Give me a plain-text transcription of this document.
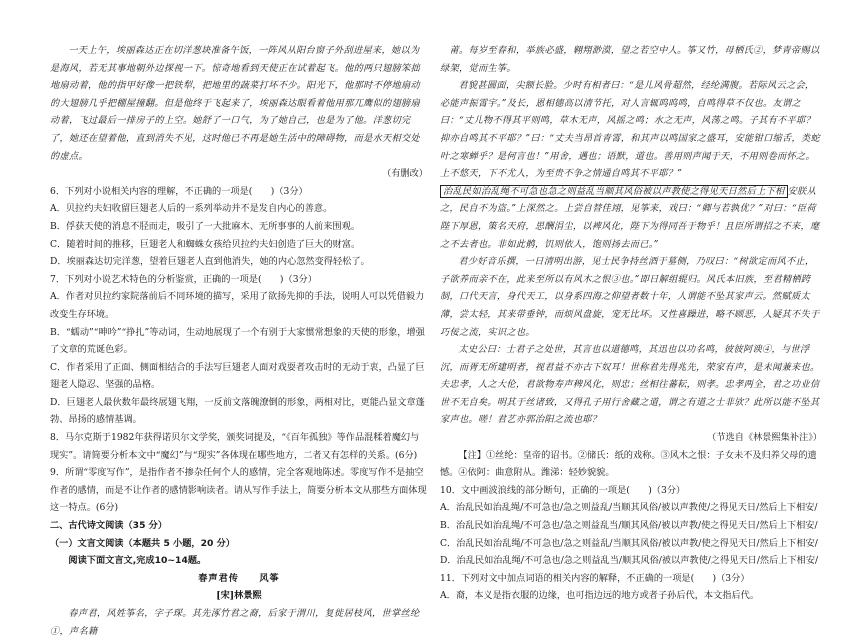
一天上午，埃丽森达正在切洋葱块准备午饭，一阵风从阳台窗子外刮进屋来，她以为是海风，若无其事地朝外边探视一下。惊奇地看到天使正在试着起飞。他的两只翅膀笨拙地扇动着，他的指甲好像一把铁犁，把地里的蔬菜打坏不少。阳光下，他那时不停地扇动的大翅膀几乎把棚屋撞翻。但是他终于飞起来了，埃丽森达眼看着他用那兀鹰似的翅膀扇动着，飞过最后一排房子的上空。她舒了一口气，为了她自己，也是为了他。洋葱切完了，她还在望着他，直到消失不见，这时他已不再是她生活中的障碍物，而是水天相交处的虚点。

（有删改）

6．下列对小说相关内容的理解，不正确的一项是(　　)（3分）

A．贝拉约夫妇收留巨翅老人后的一系列举动并不是发自内心的善意。

B．俘获天使的消息不胫而走，吸引了一大批麻木、无所事事的人前来围观。

C．随着时间的推移，巨翅老人和蜘蛛女孩给贝拉约夫妇创造了巨大的财富。

D．埃丽森达切完洋葱，望着巨翅老人直到他消失，她的内心忽然变得轻松了。

7．下列对小说艺术特色的分析鉴赏，正确的一项是(　　)（3分）

A．作者对贝拉约家院落前后不同环境的描写，采用了欲扬先抑的手法，说明人可以凭借毅力改变生存环境。

B．“蠕动”“呻吟”“挣扎”等动词，生动地展现了一个有别于大家惯常想象的天使的形象，增强了文章的荒诞色彩。

C．作者采用了正面、侧面相结合的手法写巨翅老人面对戏耍者攻击时的无动于衷，凸显了巨翅老人隐忍、坚强的品格。

D．巨翅老人最伙数年最终展翅飞翔，一反前文落魄潦倒的形象，两相对比，更能凸显文章蓬勃、昂扬的感情基调。

8．马尔克斯于1982年获得诺贝尔文学奖，颁奖词提及，“《百年孤独》等作品混糅着魔幻与现实”。请简要分析本文中“魔幻”与“现实”各体现在哪些地方，二者又有怎样的关系。(6分)

9．所谓“零度写作”，是指作者不掺杂任何个人的感情，完全客观地陈述。零度写作不是抽空作者的感情，而是不让作者的感情影响读者。请从写作手法上，简要分析本文从那些方面体现这一特点。(6分)

二、古代诗文阅读（35 分）

（一）文言文阅读（本题共 5 小题，20 分）

阅读下面文言文,完成10~14题。

春声君传　　风筝

[宋]林景熙

春声君，风姓筝名，字子琛。其先涿竹君之裔，后家于渭川，复徙居枝风，世掌丝纶①，声名籍

　莆。每岁至春和，举族必盛，翱翔渺漠，望之若空中人。筝又竹，母栖氏②，梦青帝赐以绿架，觉而生筝。

君貌甚圆面，尖额长脸。少时有相者曰：“是儿风骨超然，经纶满腹。若际风云之会，必能声振霄宇。”及长，恩相德高以清节托，对人言辄呜呜鸣，自鸣得草不仅也。友谓之曰：“丈儿物不得其平则鸣，草木无声，风摇之鸣；水之无声，风荡之鸣。子其有不平耶？抑亦自鸣其不平耶？”曰：“丈夫当昂首青霄，和其声以鸣国家之盛耳，安能钳口缩舌，类蛇叶之寒蝉乎？是何言也！”用舍，遇也；语默，道也。善用则声闻于天，不用则卷而怀之。上不悠天，下不尤人，为至贵不争之情通自鸣其不平耶？”

治乱民如治乱绳不可急也急之则益乱当顺其风俗被以声教使之得见天日然后上下相 安朕从之，民自不为盗。”上深然之。上尝自替佳翊，见筝来，戏曰：“卿与若孰优？”对曰：“臣荷陛下厚恩，策名天府，思酬涓尘，以裨风化，陛下为得同吾于物乎！且臣所谓招之不来，麾之不去者也。非如此鹘，饥则依人，饱则扬去而已。”

君少好音乐撰，一日清明出游，见士民争持丝酒于墓侧，乃叹曰：“树欲定而风不止，子欲养而亲不在，此来至所以有风木之恨③也。”即日解组辊归。风氏本旧族，至君精栖跨制，口代天言，身代天工，以身系四海之仰望者数十年，人谓能不坠其家声云。然赋质太薄，尝太轻，其来带垂钟，而烦风盘旋，宠无比坏。又性喜躁进，略不顾恶，人疑其不失于巧佞之流，实识之也。

太史公曰：士君子之处世，其言也以道德鸣，其迅也以功名鸣，彼彼阿谀④，与世浮沉，而胥无所建明者，视君益不亦古下奴耳！世称君先得兆先，荣家有声，是未闻兼来也。夫忠孝，人之大伦，君欲物寿声稗风化，则忠；丝相往蕃耘，则孝。忠孝两全，君之功业信世不无自矣。明其于丝诸致，又得孔子用行舍藏之道，谓之有道之士非欤？此所以能不坠其家声也。嗟！君艺亦郭治阳之流也耶？

（节选自《林景熙集补注》）

【注】①丝纶：皇帝的诏书。②储氏：纸的戏称。③风木之恨：子女未不及归养父母的遗憾。④依阿：曲意附从。潍涕：轻妙貌貌。

10．文中画波浪线的部分断句，正确的一项是(　　)（3分）

A．治乱民如治乱绳/不可急也/急之则益乱/当顺其风俗/被以声教使/之得见天日/然后上下相安/

B．治乱民如治乱绳/不可急也/急之则益乱当/顺其风俗/被以声教/使之得见天日/然后上下相安/

C．治乱民如治乱绳/不可急也/急之则益乱/当顺其风俗/被以声教/使之得见天日/然后上下相安/

D．治乱民如治乱绳/不可急也/急之则益乱当/顺其风俗/被以声教使/之得见天日/然后上下相安/

11．下列对文中加点词语的相关内容的解释，不正确的一项是(　　)（3分）

A．裔，本义是指衣服的边缘，也可指边远的地方或者子孙后代，本文指后代。
